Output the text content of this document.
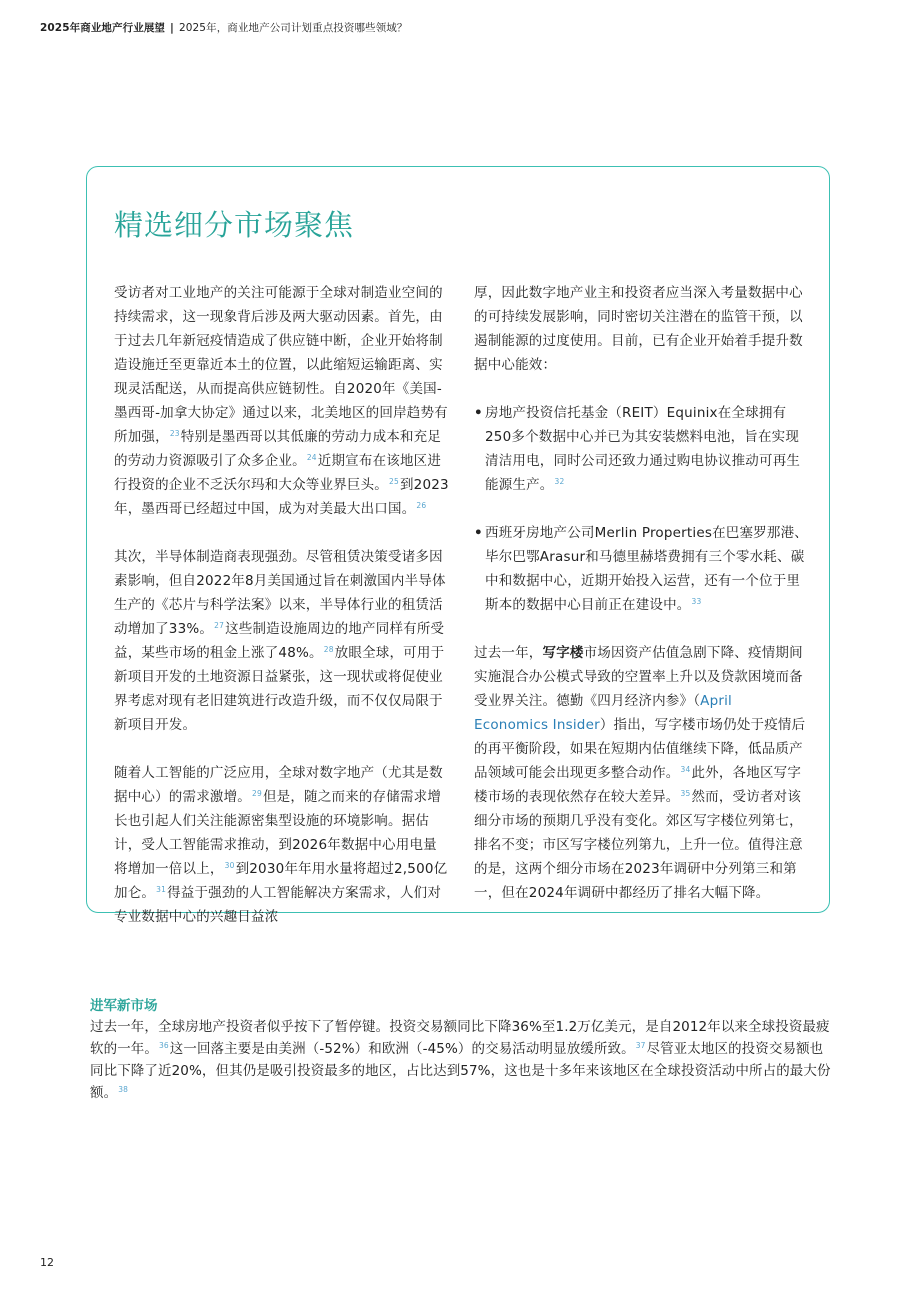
2025年商业地产行业展望 | 2025年，商业地产公司计划重点投资哪些领域？
精选细分市场聚焦

受访者对工业地产的关注可能源于全球对制造业空间的持续需求，这一现象背后涉及两大驱动因素。首先，由于过去几年新冠疫情造成了供应链中断，企业开始将制造设施迁至更靠近本土的位置，以此缩短运输距离、实现灵活配送，从而提高供应链韧性。自2020年《美国-墨西哥-加拿大协定》通过以来，北美地区的回岸趋势有所加强，$^{23}$特别是墨西哥以其低廉的劳动力成本和充足的劳动力资源吸引了众多企业。$^{24}$近期宣布在该地区进行投资的企业不乏沃尔玛和大众等业界巨头。$^{25}$到2023年，墨西哥已经超过中国，成为对美最大出口国。$^{26}$

其次，半导体制造商表现强劲。尽管租赁决策受诸多因素影响，但自2022年8月美国通过旨在刺激国内半导体生产的《芯片与科学法案》以来，半导体行业的租赁活动增加了33%。$^{27}$这些制造设施周边的地产同样有所受益，某些市场的租金上涨了48%。$^{28}$放眼全球，可用于新项目开发的土地资源日益紧张，这一现状或将促使业界考虑对现有老旧建筑进行改造升级，而不仅仅局限于新项目开发。

随着人工智能的广泛应用，全球对数字地产（尤其是数据中心）的需求激增。$^{29}$但是，随之而来的存储需求增长也引起人们关注能源密集型设施的环境影响。据估计，受人工智能需求推动，到2026年数据中心用电量将增加一倍以上，$^{30}$到2030年年用水量将超过2,500亿加仑。$^{31}$得益于强劲的人工智能解决方案需求，人们对专业数据中心的兴趣日益浓

厚，因此数字地产业主和投资者应当深入考量数据中心的可持续发展影响，同时密切关注潜在的监管干预，以遏制能源的过度使用。目前，已有企业开始着手提升数据中心能效：

• 房地产投资信托基金（REIT）Equinix在全球拥有250多个数据中心并已为其安装燃料电池，旨在实现清洁用电，同时公司还致力通过购电协议推动可再生能源生产。$^{32}$

• 西班牙房地产公司Merlin Properties在巴塞罗那港、毕尔巴鄂Arasur和马德里赫塔费拥有三个零水耗、碳中和数据中心，近期开始投入运营，还有一个位于里斯本的数据中心目前正在建设中。$^{33}$

过去一年，写字楼市场因资产估值急剧下降、疫情期间实施混合办公模式导致的空置率上升以及贷款困境而备受业界关注。德勤《四月经济内参》（April Economics Insider）指出，写字楼市场仍处于疫情后的再平衡阶段，如果在短期内估值继续下降，低品质产品领域可能会出现更多整合动作。$^{34}$此外，各地区写字楼市场的表现依然存在较大差异。$^{35}$然而，受访者对该细分市场的预期几乎没有变化。郊区写字楼位列第七，排名不变；市区写字楼位列第九，上升一位。值得注意的是，这两个细分市场在2023年调研中分列第三和第一，但在2024年调研中都经历了排名大幅下降。

进军新市场

过去一年，全球房地产投资者似乎按下了暂停键。投资交易额同比下降36%至1.2万亿美元，是自2012年以来全球投资最疲软的一年。$^{36}$这一回落主要是由美洲（-52%）和欧洲（-45%）的交易活动明显放缓所致。$^{37}$尽管亚太地区的投资交易额也同比下降了近20%，但其仍是吸引投资最多的地区，占比达到57%，这也是十多年来该地区在全球投资活动中所占的最大份额。$^{38}$

12
